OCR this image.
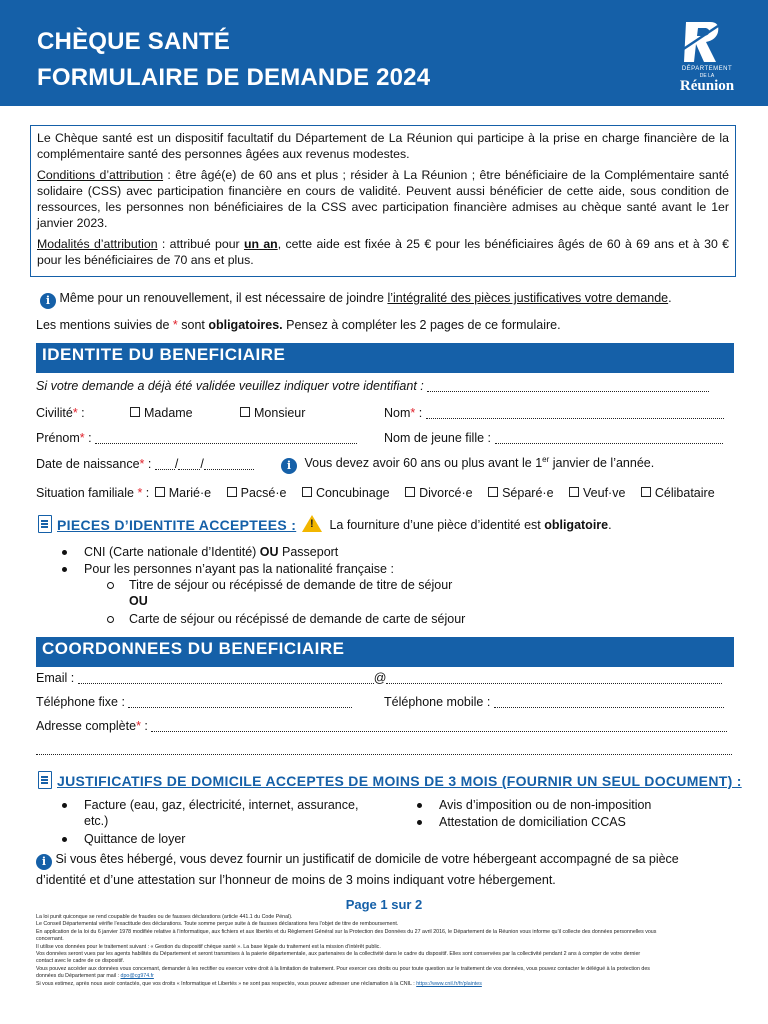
CHÈQUE SANTÉ
FORMULAIRE DE DEMANDE 2024	DÉPARTEMENT
DE LA
Réunion

Le Chèque santé est un dispositif facultatif du Département de La Réunion qui participe à la prise en charge financière de la complémentaire santé des personnes âgées aux revenus modestes.

Conditions d’attribution : être âgé(e) de 60 ans et plus ; résider à La Réunion ; être bénéficiaire de la Complémentaire santé solidaire (CSS) avec participation financière en cours de validité. Peuvent aussi bénéficier de cette aide, sous condition de ressources, les personnes non bénéficiaires de la CSS avec participation financière admises au chèque santé avant le 1er janvier 2023.

Modalités d’attribution : attribué pour un an, cette aide est fixée à 25 € pour les bénéficiaires âgés de 60 à 69 ans et à 30 € pour les bénéficiaires de 70 ans et plus.

i Même pour un renouvellement, il est nécessaire de joindre l’intégralité des pièces justificatives votre demande.
Les mentions suivies de * sont obligatoires. Pensez à compléter les 2 pages de ce formulaire.
IDENTITE DU BENEFICIAIRE
Si votre demande a déjà été validée veuillez indiquer votre identifiant :
Civilité* :	Madame	Monsieur	Nom* :
Prénom* :	Nom de jeune fille :
Date de naissance* : / /	i Vous devez avoir 60 ans ou plus avant le 1er janvier de l’année.
Situation familiale * : Marié·e Pacsé·e Concubinage Divorcé·e Séparé·e Veuf·ve Célibataire
PIECES D’IDENTITE ACCEPTEES :
!	La fourniture d’une pièce d’identité est obligatoire.
CNI (Carte nationale d’Identité) OU Passeport
Pour les personnes n’ayant pas la nationalité française :
Titre de séjour ou récépissé de demande de titre de séjour
OU
Carte de séjour ou récépissé de demande de carte de séjour
COORDONNEES DU BENEFICIAIRE
Email :	@
Téléphone fixe :	Téléphone mobile :
Adresse complète* :
JUSTIFICATIFS DE DOMICILE ACCEPTES DE MOINS DE 3 MOIS (FOURNIR UN SEUL DOCUMENT) :
Facture (eau, gaz, électricité, internet, assurance, etc.)
Quittance de loyer
Avis d’imposition ou de non-imposition
Attestation de domiciliation CCAS
i Si vous êtes hébergé, vous devez fournir un justificatif de domicile de votre hébergeant accompagné de sa pièce d’identité et d’une attestation sur l’honneur de moins de 3 moins indiquant votre hébergement.
Page 1 sur 2
La loi punit quiconque se rend coupable de fraudes ou de fausses déclarations (article 441.1 du Code Pénal).
Le Conseil Départemental vérifie l’exactitude des déclarations. Toute somme perçue suite à de fausses déclarations fera l’objet de titre de remboursement.
En application de la loi du 6 janvier 1978 modifiée relative à l’informatique, aux fichiers et aux libertés et du Règlement Général sur la Protection des Données du 27 avril 2016, le Département de la Réunion vous informe qu’il collecte des données personnelles vous
concernant.
Il utilise vos données pour le traitement suivant : « Gestion du dispositif chèque santé ». La base légale du traitement est la mission d’intérêt public.
Vos données seront vues par les agents habilités du Département et seront transmises à la paierie départementale, aux partenaires de la collectivité dans le cadre du dispositif. Elles sont conservées par la collectivité pendant 2 ans à compter de votre dernier
contact avec le cadre de ce dispositif.
Vous pouvez accéder aux données vous concernant, demander à les rectifier ou exercer votre droit à la limitation de traitement. Pour exercer ces droits ou pour toute question sur le traitement de vos données, vous pouvez contacter le délégué à la protection des
données du Département par mail : dpo@cg974.fr
Si vous estimez, après nous avoir contactés, que vos droits « Informatique et Libertés » ne sont pas respectés, vous pouvez adresser une réclamation à la CNIL : https://www.cnil.fr/fr/plaintes
